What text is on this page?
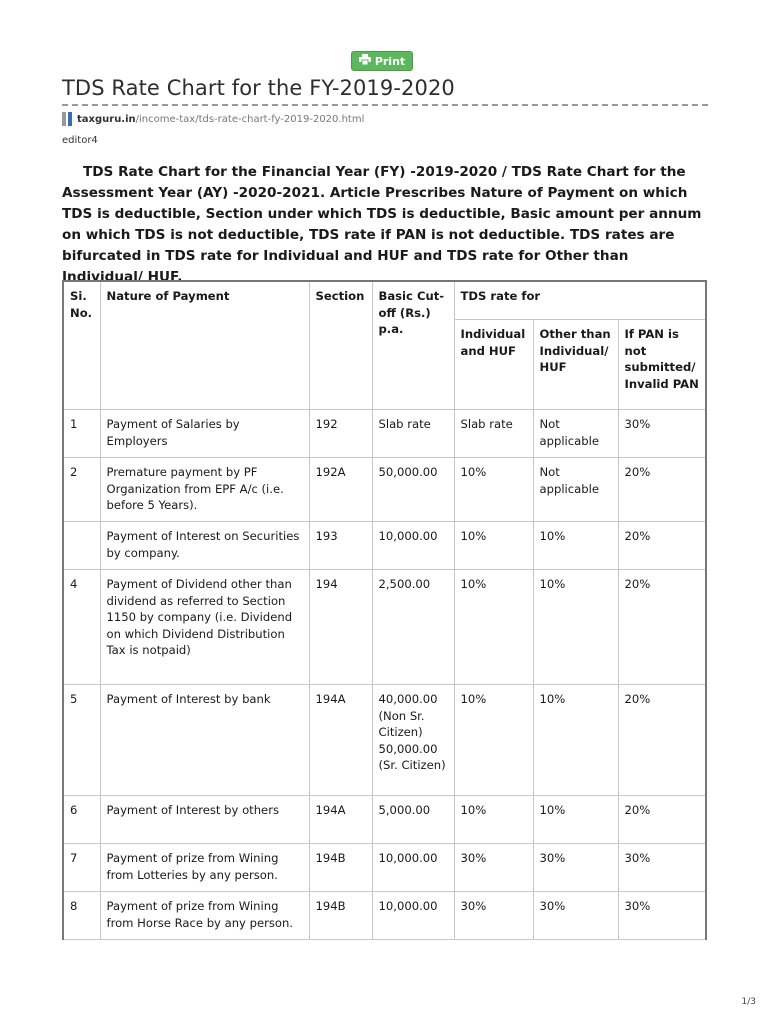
Print
TDS Rate Chart for the FY-2019-2020
taxguru.in /income-tax/tds-rate-chart-fy-2019-2020.html
editor4

TDS Rate Chart for the Financial Year (FY) -2019-2020 / TDS Rate Chart for the Assessment Year (AY) -2020-2021. Article Prescribes Nature of Payment on which TDS is deductible, Section under which TDS is deductible, Basic amount per annum on which TDS is not deductible, TDS rate if PAN is not deductible. TDS rates are bifurcated in TDS rate for Individual and HUF and TDS rate for Other than Individual/ HUF.

Si. No.	Nature of Payment	Section	Basic Cut-off (Rs.) p.a.	TDS rate for		
				Individual and HUF	Other than Individual/ HUF	If PAN is not submitted/ Invalid PAN
1	Payment of Salaries by Employers	192	Slab rate	Slab rate	Not applicable	30%
2	Premature payment by PF Organization from EPF A/c (i.e. before 5 Years).	192A	50,000.00	10%	Not applicable	20%
	Payment of Interest on Securities by company.	193	10,000.00	10%	10%	20%
4	Payment of Dividend other than dividend as referred to Section 1150 by company (i.e. Dividend on which Dividend Distribution Tax is notpaid)	194	2,500.00	10%	10%	20%
5	Payment of Interest by bank	194A	40,000.00 (Non Sr. Citizen) 50,000.00 (Sr. Citizen)	10%	10%	20%
6	Payment of Interest by others	194A	5,000.00	10%	10%	20%
7	Payment of prize from Wining from Lotteries by any person.	194B	10,000.00	30%	30%	30%
8	Payment of prize from Wining from Horse Race by any person.	194B	10,000.00	30%	30%	30%
1/3
